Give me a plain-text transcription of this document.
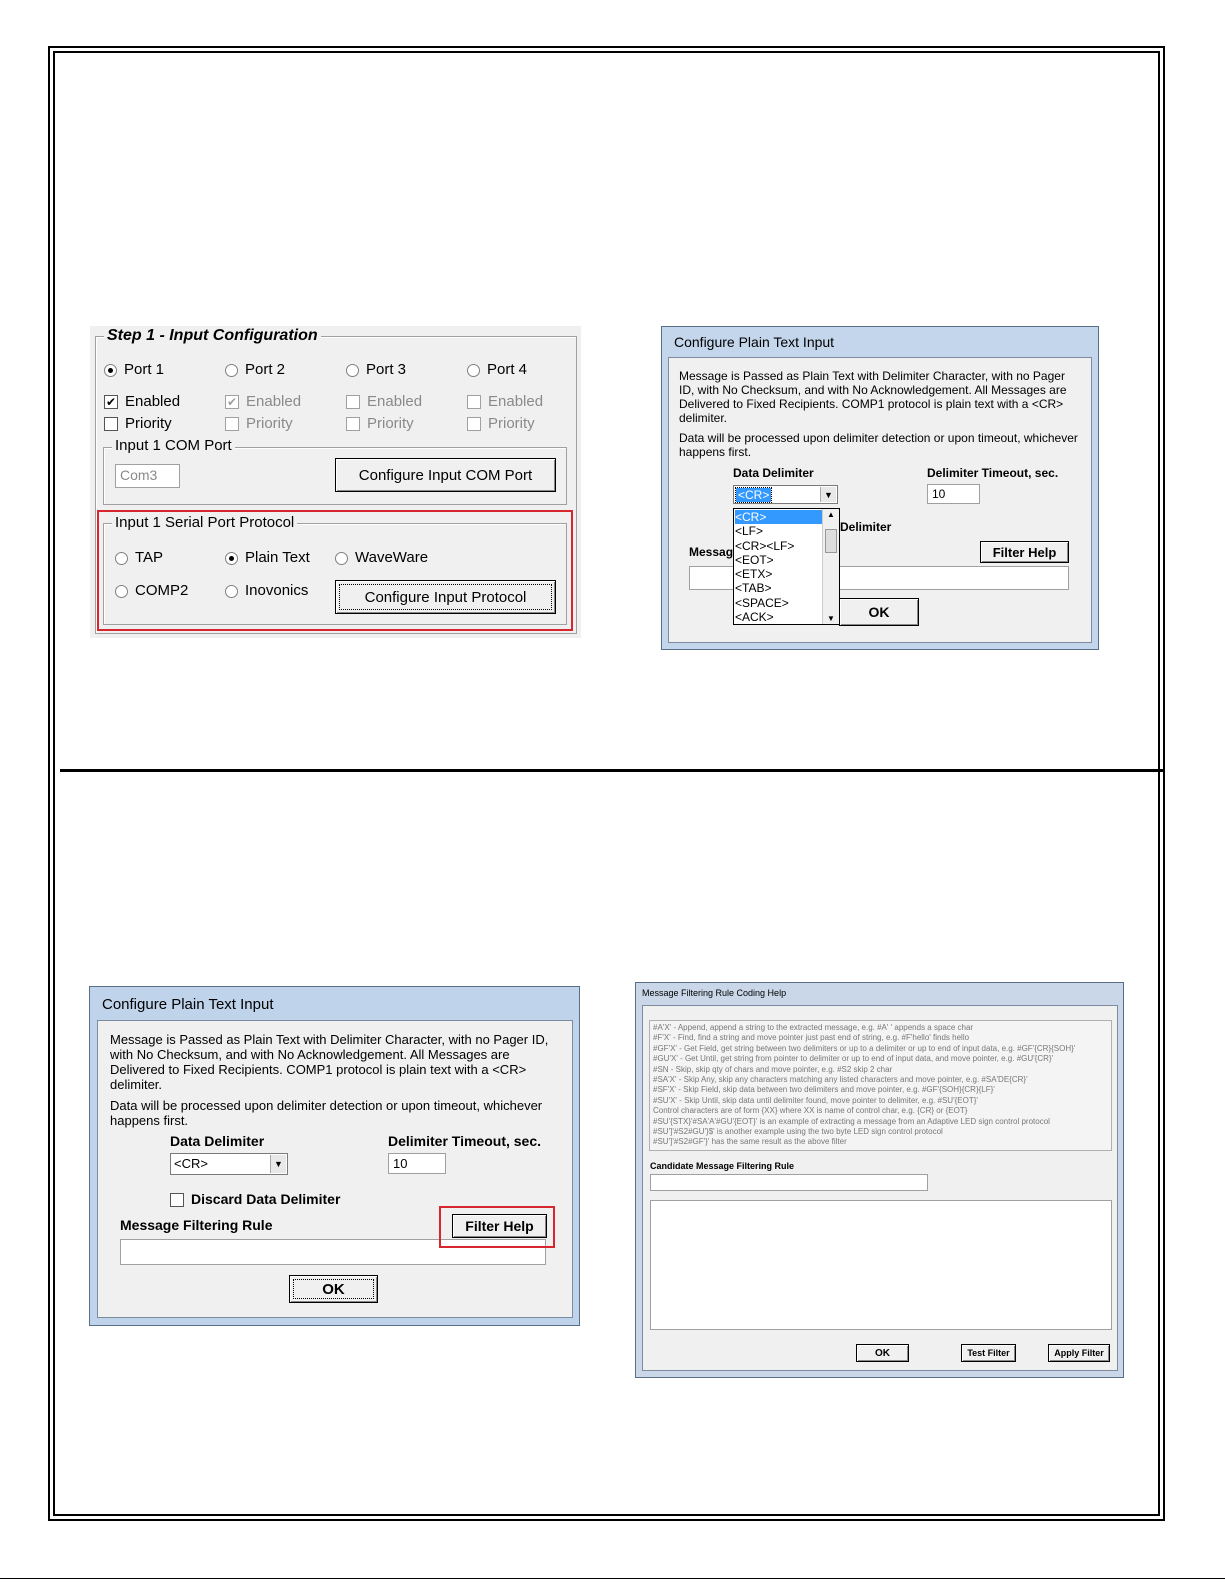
Step 1 - Input Configuration
Port 1	Port 2	Port 3	Port 4
✔ Enabled	✔ Enabled	Enabled	Enabled
Priority	Priority	Priority	Priority
Input 1 COM Port
Com3	Configure Input COM Port
Input 1 Serial Port Protocol
TAP	Plain Text	WaveWare
COMP2	Inovonics	Configure Input Protocol
Configure Plain Text Input
Message is Passed as Plain Text with Delimiter Character, with no Pager ID, with No Checksum, and with No Acknowledgement. All Messages are Delivered to Fixed Recipients. COMP1 protocol is plain text with a <CR> delimiter.
Data will be processed upon delimiter detection or upon timeout, whichever happens first.
Data Delimiter	Delimiter Timeout, sec.
<CR>	▼	10
Delimiter
Messag	Filter Help
OK
<CR>
<LF>
<CR><LF>
<EOT>
<ETX>
<TAB>
<SPACE>
<ACK>
▲
▼
Configure Plain Text Input
Message is Passed as Plain Text with Delimiter Character, with no Pager ID, with No Checksum, and with No Acknowledgement. All Messages are Delivered to Fixed Recipients. COMP1 protocol is plain text with a <CR> delimiter.
Data will be processed upon delimiter detection or upon timeout, whichever happens first.
Data Delimiter	Delimiter Timeout, sec.
<CR>	▼	10
Discard Data Delimiter
Message Filtering Rule	Filter Help
OK
Message Filtering Rule Coding Help
#A'X' - Append, append a string to the extracted message, e.g. #A' ' appends a space char
#F'X' - Find, find a string and move pointer just past end of string, e.g. #F'hello' finds hello
#GF'X' - Get Field, get string between two delimiters or up to a delimiter or up to end of input data, e.g. #GF'{CR}{SOH}'
#GU'X' - Get Until, get string from pointer to delimiter or up to end of input data, and move pointer, e.g. #GU'{CR}'
#SN - Skip, skip qty of chars and move pointer, e.g. #S2 skip 2 char
#SA'X' - Skip Any, skip any characters matching any listed characters and move pointer, e.g. #SA'DE{CR}'
#SF'X' - Skip Field, skip data between two delimiters and move pointer, e.g. #GF'{SOH}{CR}{LF}'
#SU'X' - Skip Until, skip data until delimiter found, move pointer to delimiter, e.g. #SU'{EOT}'
Control characters are of form {XX} where XX is name of control char, e.g. {CR} or {EOT}
#SU'{STX}'#SA'A'#GU'{EOT}' is an example of extracting a message from an Adaptive LED sign control protocol
#SU']'#S2#GU'}$' is another example using the two byte LED sign control protocol
#SU']'#S2#GF'}' has the same result as the above filter
Candidate Message Filtering Rule
OK	Test Filter	Apply Filter
